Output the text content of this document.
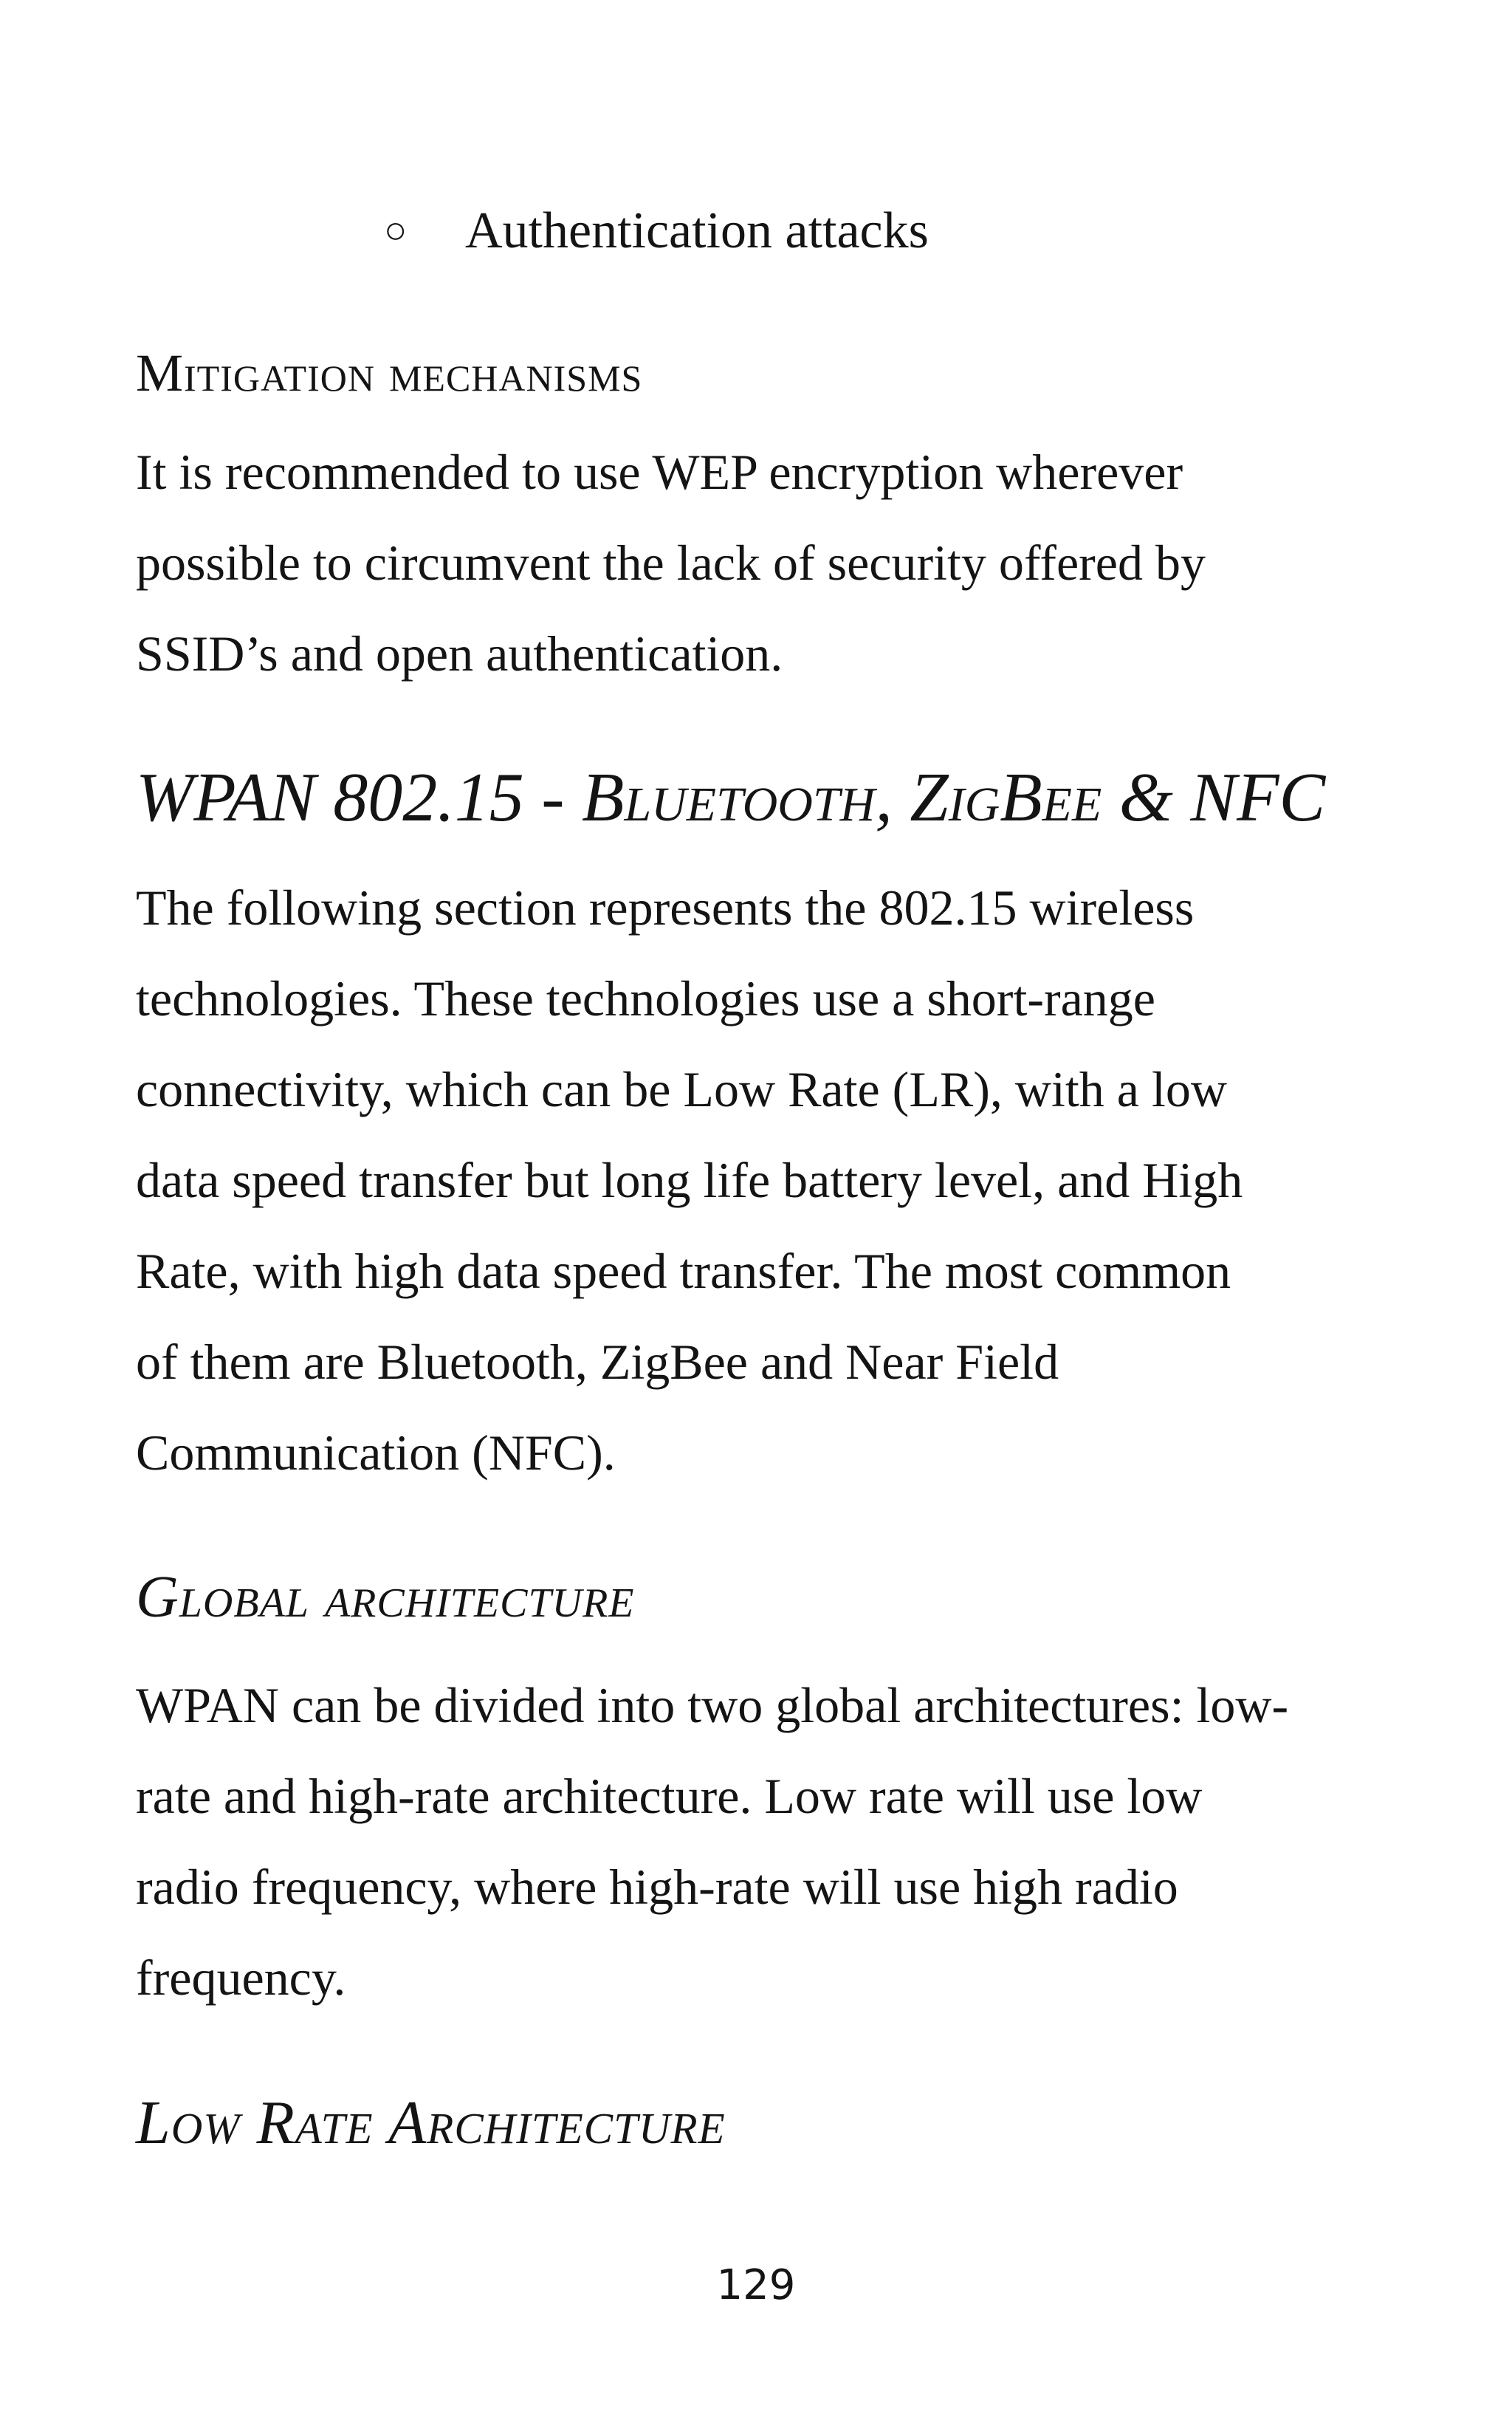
○ Authentication attacks
Mitigation mechanisms
It is recommended to use WEP encryption wherever
possible to circumvent the lack of security offered by
SSID’s and open authentication.
WPAN 802.15 - Bluetooth, ZigBee & NFC
The following section represents the 802.15 wireless
technologies. These technologies use a short-range
connectivity, which can be Low Rate (LR), with a low
data speed transfer but long life battery level, and High
Rate, with high data speed transfer. The most common
of them are Bluetooth, ZigBee and Near Field
Communication (NFC).
Global architecture
WPAN can be divided into two global architectures: low-
rate and high-rate architecture. Low rate will use low
radio frequency, where high-rate will use high radio
frequency.
Low Rate Architecture
129
